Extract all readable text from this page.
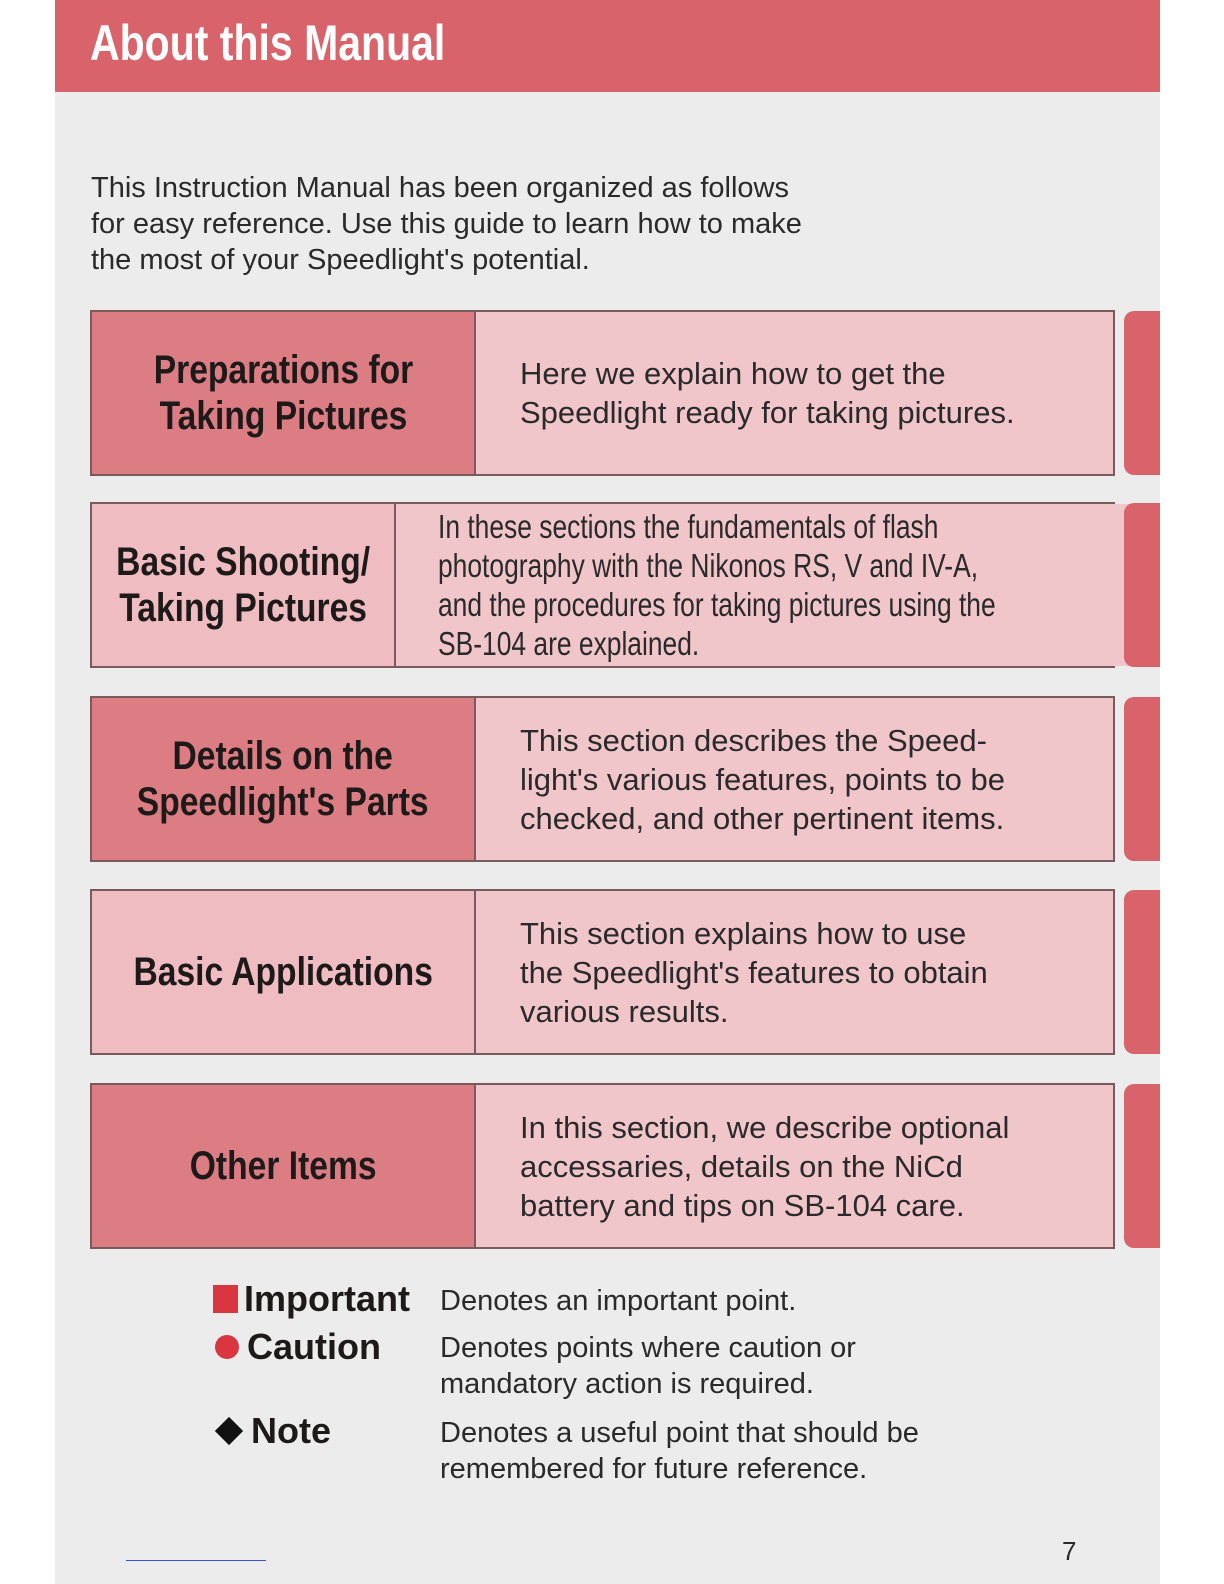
About this Manual
This Instruction Manual has been organized as follows
for easy reference. Use this guide to learn how to make
the most of your Speedlight's potential.
Preparations for
Taking Pictures
Here we explain how to get the
Speedlight ready for taking pictures.
Basic Shooting/
Taking Pictures
In these sections the fundamentals of flash
photography with the Nikonos RS, V and IV-A,
and the procedures for taking pictures using the
SB-104 are explained.
Details on the
Speedlight's Parts
This section describes the Speed-
light's various features, points to be
checked, and other pertinent items.
Basic Applications
This section explains how to use
the Speedlight's features to obtain
various results.
Other Items
In this section, we describe optional
accessaries, details on the NiCd
battery and tips on SB-104 care.
Important Denotes an important point.
Caution Denotes points where caution or
mandatory action is required.
Note	Denotes a useful point that should be
remembered for future reference.
7
